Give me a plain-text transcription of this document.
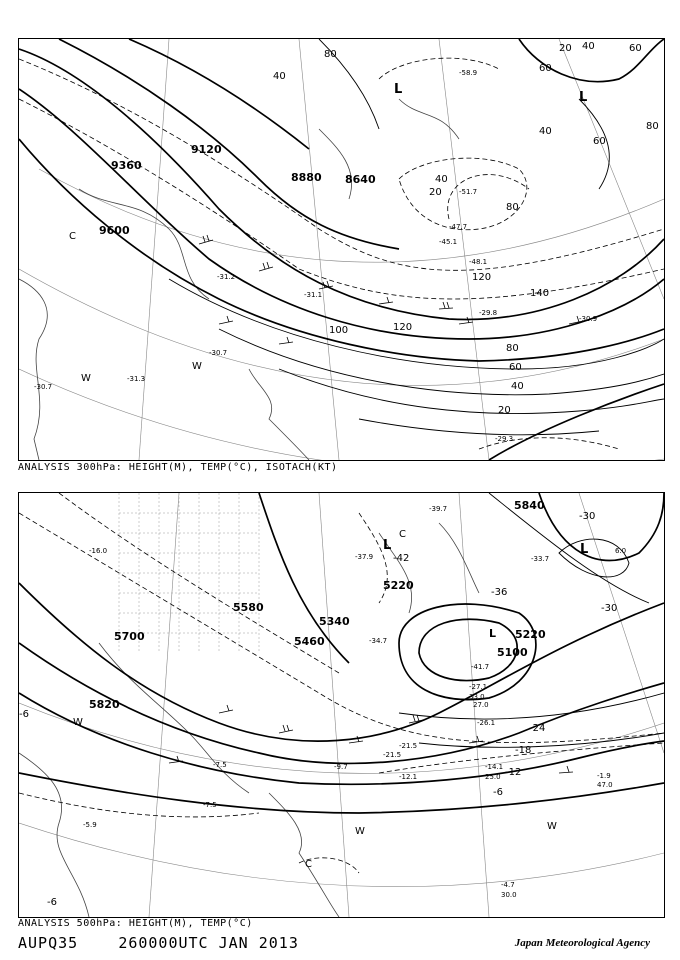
9120
9360
9600
8880 8640
40
80
60
20 40	60
40
60
80
40
20
80
100	120
120
140
80
60
40
20
L
L
C
W
W
-31.2
-30.7
-31.3
-30.7
-31.1
-29.8
-30.9
-29.3
-45.1
-47.7
-48.1
-58.9
-51.7
ANALYSIS 300hPa: HEIGHT(M), TEMP(°C), ISOTACH(KT)
5820
5700
5580
5460
5340
5220
5100
5220
5840
-42
-36
-30
-24
-18
-12
-6
-6
-6
-30
L	L
C
C
W
W	W
L
-39.7
-37.9
-34.7
-41.7
-27.1
-21.5
-14.1
-12.1
-9.7
-7.5
-7.5
-4.7
-1.9
-33.7
-16.0
-21.5
-5.9
6.0
30.0
47.0
25.0
33.0
27.0
-26.1
ANALYSIS 500hPa: HEIGHT(M), TEMP(°C)
AUPQ35	260000UTC JAN 2013	Japan Meteorological Agency
